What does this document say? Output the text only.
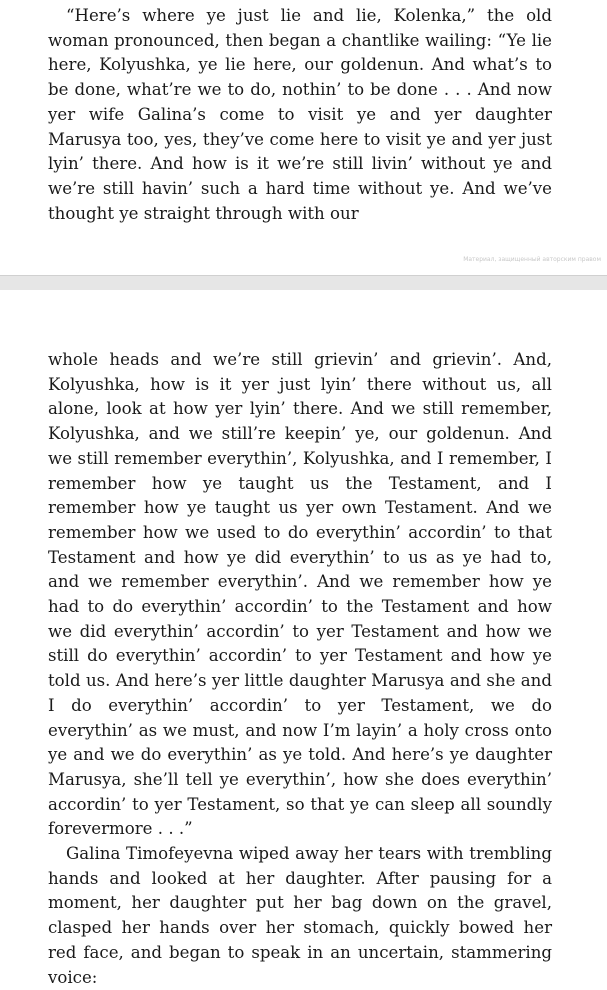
“Here’s where ye just lie and lie, Kolenka,” the old woman pronounced, then began a chantlike wailing: “Ye lie here, Kolyushka, ye lie here, our goldenun. And what’s to be done, what’re we to do, nothin’ to be done . . . And now yer wife Galina’s come to visit ye and yer daughter Marusya too, yes, they’ve come here to visit ye and yer just lyin’ there. And how is it we’re still livin’ without ye and we’re still havin’ such a hard time without ye. And we’ve thought ye straight through with our

Материал, защищенный авторским правом

whole heads and we’re still grievin’ and grievin’. And, Kolyushka, how is it yer just lyin’ there without us, all alone, look at how yer lyin’ there. And we still remember, Kolyushka, and we still’re keepin’ ye, our goldenun. And we still remember everythin’, Kolyushka, and I remember, I remember how ye taught us the Testament, and I remember how ye taught us yer own Testament. And we remember how we used to do everythin’ accordin’ to that Testament and how ye did everythin’ to us as ye had to, and we remember everythin’. And we remember how ye had to do everythin’ accordin’ to the Testament and how we did everythin’ accordin’ to yer Testament and how we still do everythin’ accordin’ to yer Testament and how ye told us. And here’s yer little daughter Marusya and she and I do everythin’ accordin’ to yer Testament, we do everythin’ as we must, and now I’m layin’ a holy cross onto ye and we do everythin’ as ye told. And here’s ye daughter Marusya, she’ll tell ye everythin’, how she does everythin’ accordin’ to yer Testament, so that ye can sleep all soundly forevermore . . .”

Galina Timofeyevna wiped away her tears with trembling hands and looked at her daughter. After pausing for a moment, her daughter put her bag down on the gravel, clasped her hands over her stomach, quickly bowed her red face, and began to speak in an uncertain, stammering voice:
